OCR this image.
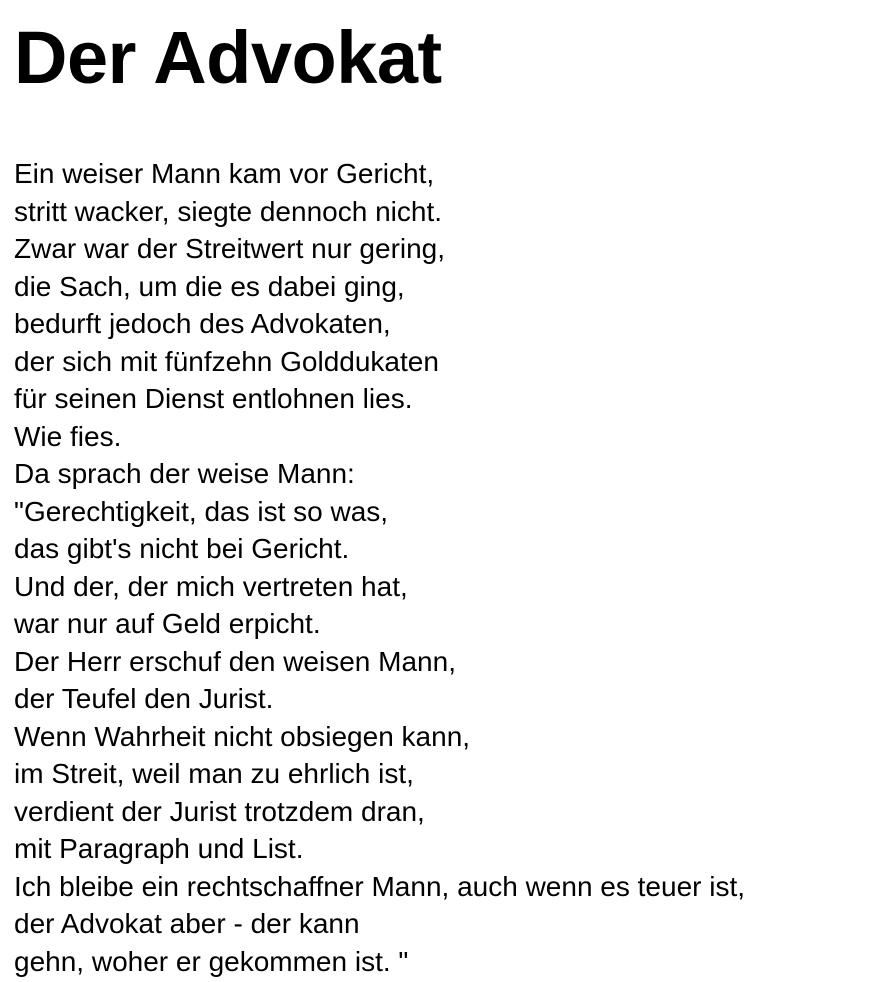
Der Advokat
Ein weiser Mann kam vor Gericht,
stritt wacker, siegte dennoch nicht.
Zwar war der Streitwert nur gering,
die Sach, um die es dabei ging,
bedurft jedoch des Advokaten,
der sich mit fünfzehn Golddukaten
für seinen Dienst entlohnen lies.
Wie fies.
Da sprach der weise Mann:
"Gerechtigkeit, das ist so was,
das gibt's nicht bei Gericht.
Und der, der mich vertreten hat,
war nur auf Geld erpicht.
Der Herr erschuf den weisen Mann,
der Teufel den Jurist.
Wenn Wahrheit nicht obsiegen kann,
im Streit, weil man zu ehrlich ist,
verdient der Jurist trotzdem dran,
mit Paragraph und List.
Ich bleibe ein rechtschaffner Mann, auch wenn es teuer ist,
der Advokat aber - der kann
gehn, woher er gekommen ist. "
